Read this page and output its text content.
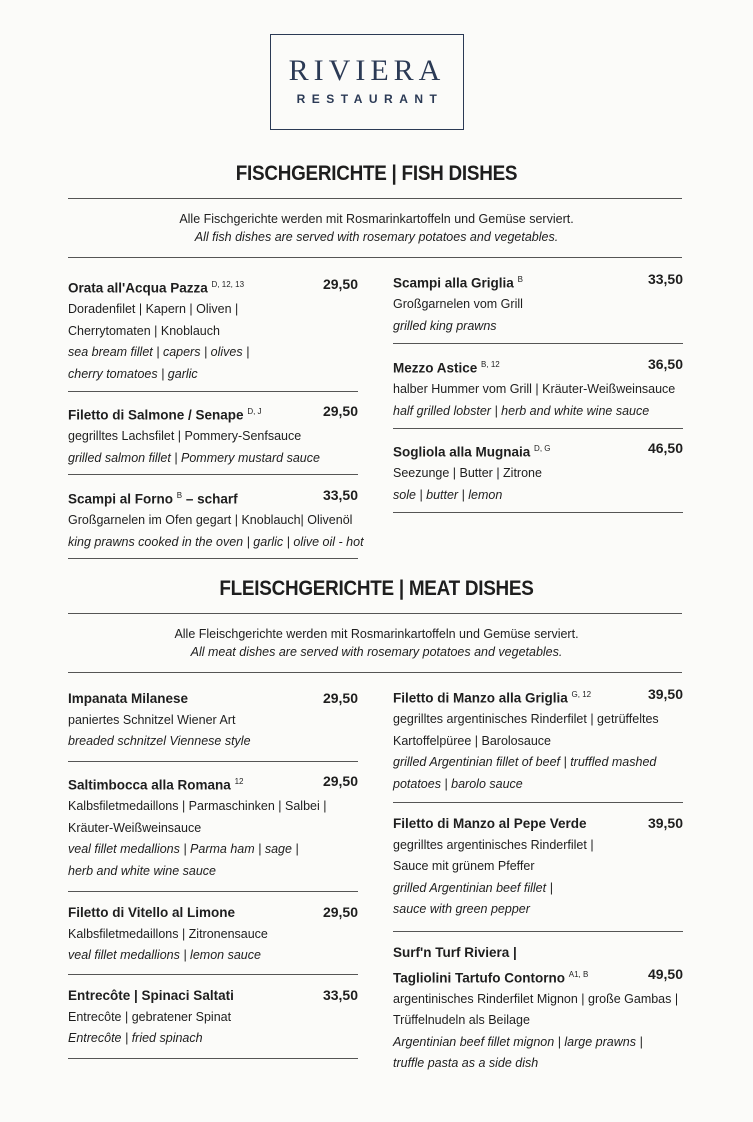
RIVIERA
RESTAURANT
FISCHGERICHTE | FISH DISHES
Alle Fischgerichte werden mit Rosmarinkartoffeln und Gemüse serviert.
All fish dishes are served with rosemary potatoes and vegetables.
Orata all'Acqua Pazza $^{D, 12, 13}$	29,50
Doradenfilet | Kapern | Oliven |
Cherrytomaten | Knoblauch
sea bream fillet | capers | olives |
cherry tomatoes | garlic
Filetto di Salmone / Senape $^{D, J}$	29,50
gegrilltes Lachsfilet | Pommery-Senfsauce
grilled salmon fillet | Pommery mustard sauce
Scampi al Forno $^B$ – scharf	33,50
Großgarnelen im Ofen gegart | Knoblauch| Olivenöl
king prawns cooked in the oven | garlic | olive oil - hot
Scampi alla Griglia $^B$	33,50
Großgarnelen vom Grill
grilled king prawns
Mezzo Astice $^{B, 12}$	36,50
halber Hummer vom Grill | Kräuter-Weißweinsauce
half grilled lobster | herb and white wine sauce
Sogliola alla Mugnaia $^{D, G}$	46,50
Seezunge | Butter | Zitrone
sole | butter | lemon
FLEISCHGERICHTE | MEAT DISHES
Alle Fleischgerichte werden mit Rosmarinkartoffeln und Gemüse serviert.
All meat dishes are served with rosemary potatoes and vegetables.
Impanata Milanese	29,50
paniertes Schnitzel Wiener Art
breaded schnitzel Viennese style
Saltimbocca alla Romana $^{12}$	29,50
Kalbsfiletmedaillons | Parmaschinken | Salbei |
Kräuter-Weißweinsauce
veal fillet medallions | Parma ham | sage |
herb and white wine sauce
Filetto di Vitello al Limone	29,50
Kalbsfiletmedaillons | Zitronensauce
veal fillet medallions | lemon sauce
Entrecôte | Spinaci Saltati	33,50
Entrecôte | gebratener Spinat
Entrecôte | fried spinach
Filetto di Manzo alla Griglia $^{G, 12}$	39,50
gegrilltes argentinisches Rinderfilet | getrüffeltes
Kartoffelpüree | Barolosauce
grilled Argentinian fillet of beef | truffled mashed
potatoes | barolo sauce
Filetto di Manzo al Pepe Verde	39,50
gegrilltes argentinisches Rinderfilet |
Sauce mit grünem Pfeffer
grilled Argentinian beef fillet |
sauce with green pepper
Surf'n Turf Riviera |
Tagliolini Tartufo Contorno $^{A1, B}$	49,50
argentinisches Rinderfilet Mignon | große Gambas |
Trüffelnudeln als Beilage
Argentinian beef fillet mignon | large prawns |
truffle pasta as a side dish
